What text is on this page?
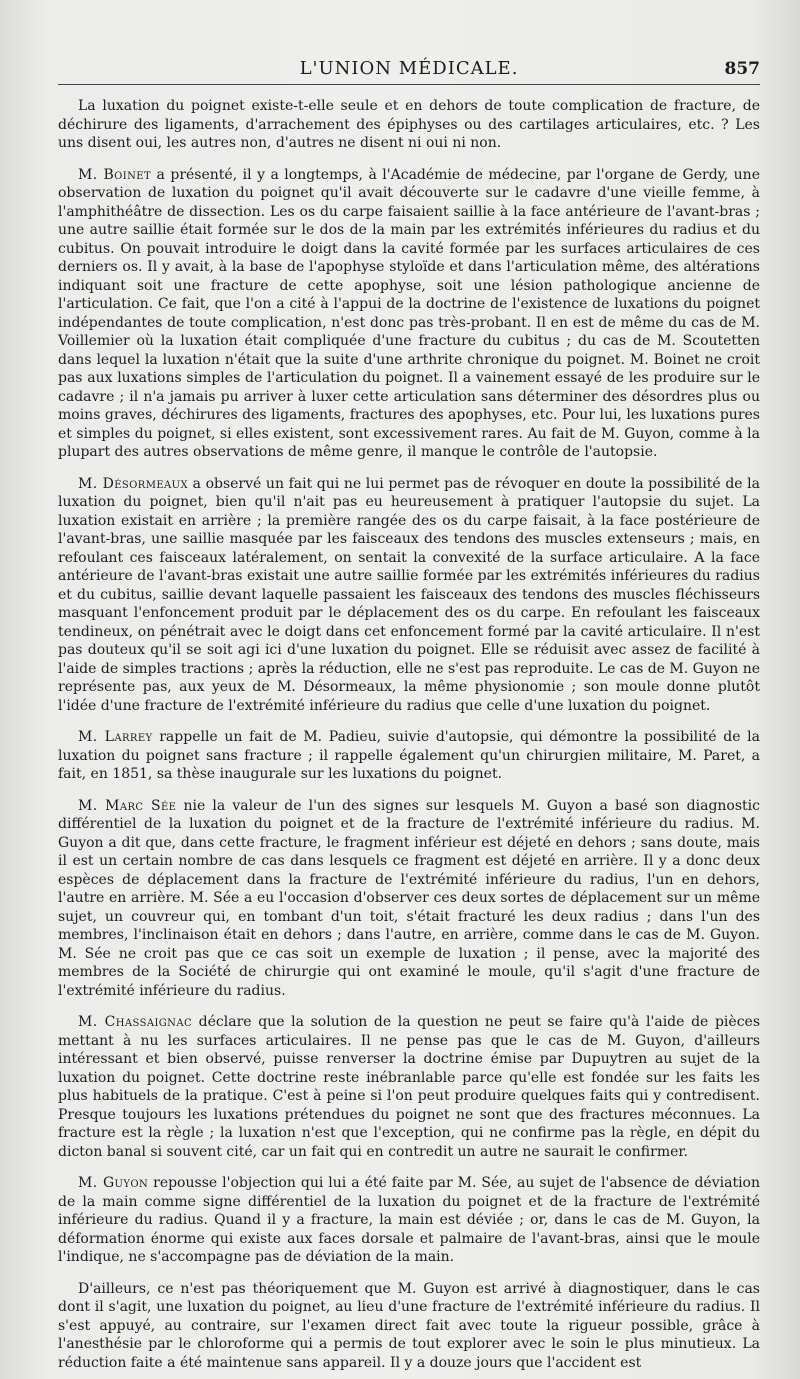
L'UNION MÉDICALE.	857

La luxation du poignet existe-t-elle seule et en dehors de toute complication de fracture, de déchirure des ligaments, d'arrachement des épiphyses ou des cartilages articulaires, etc. ? Les uns disent oui, les autres non, d'autres ne disent ni oui ni non.

M. Boinet a présenté, il y a longtemps, à l'Académie de médecine, par l'organe de Gerdy, une observation de luxation du poignet qu'il avait découverte sur le cadavre d'une vieille femme, à l'amphithéâtre de dissection. Les os du carpe faisaient saillie à la face antérieure de l'avant-bras ; une autre saillie était formée sur le dos de la main par les extrémités inférieures du radius et du cubitus. On pouvait introduire le doigt dans la cavité formée par les surfaces articulaires de ces derniers os. Il y avait, à la base de l'apophyse styloïde et dans l'articulation même, des altérations indiquant soit une fracture de cette apophyse, soit une lésion pathologique ancienne de l'articulation. Ce fait, que l'on a cité à l'appui de la doctrine de l'existence de luxations du poignet indépendantes de toute complication, n'est donc pas très-probant. Il en est de même du cas de M. Voillemier où la luxation était compliquée d'une fracture du cubitus ; du cas de M. Scoutetten dans lequel la luxation n'était que la suite d'une arthrite chronique du poignet. M. Boinet ne croit pas aux luxations simples de l'articulation du poignet. Il a vainement essayé de les produire sur le cadavre ; il n'a jamais pu arriver à luxer cette articulation sans déterminer des désordres plus ou moins graves, déchirures des ligaments, fractures des apophyses, etc. Pour lui, les luxations pures et simples du poignet, si elles existent, sont excessivement rares. Au fait de M. Guyon, comme à la plupart des autres observations de même genre, il manque le contrôle de l'autopsie.

M. Désormeaux a observé un fait qui ne lui permet pas de révoquer en doute la possibilité de la luxation du poignet, bien qu'il n'ait pas eu heureusement à pratiquer l'autopsie du sujet. La luxation existait en arrière ; la première rangée des os du carpe faisait, à la face postérieure de l'avant-bras, une saillie masquée par les faisceaux des tendons des muscles extenseurs ; mais, en refoulant ces faisceaux latéralement, on sentait la convexité de la surface articulaire. A la face antérieure de l'avant-bras existait une autre saillie formée par les extrémités inférieures du radius et du cubitus, saillie devant laquelle passaient les faisceaux des tendons des muscles fléchisseurs masquant l'enfoncement produit par le déplacement des os du carpe. En refoulant les faisceaux tendineux, on pénétrait avec le doigt dans cet enfoncement formé par la cavité articulaire. Il n'est pas douteux qu'il se soit agi ici d'une luxation du poignet. Elle se réduisit avec assez de facilité à l'aide de simples tractions ; après la réduction, elle ne s'est pas reproduite. Le cas de M. Guyon ne représente pas, aux yeux de M. Désormeaux, la même physionomie ; son moule donne plutôt l'idée d'une fracture de l'extrémité inférieure du radius que celle d'une luxation du poignet.

M. Larrey rappelle un fait de M. Padieu, suivie d'autopsie, qui démontre la possibilité de la luxation du poignet sans fracture ; il rappelle également qu'un chirurgien militaire, M. Paret, a fait, en 1851, sa thèse inaugurale sur les luxations du poignet.

M. Marc Sée nie la valeur de l'un des signes sur lesquels M. Guyon a basé son diagnostic différentiel de la luxation du poignet et de la fracture de l'extrémité inférieure du radius. M. Guyon a dit que, dans cette fracture, le fragment inférieur est déjeté en dehors ; sans doute, mais il est un certain nombre de cas dans lesquels ce fragment est déjeté en arrière. Il y a donc deux espèces de déplacement dans la fracture de l'extrémité inférieure du radius, l'un en dehors, l'autre en arrière. M. Sée a eu l'occasion d'observer ces deux sortes de déplacement sur un même sujet, un couvreur qui, en tombant d'un toit, s'était fracturé les deux radius ; dans l'un des membres, l'inclinaison était en dehors ; dans l'autre, en arrière, comme dans le cas de M. Guyon. M. Sée ne croit pas que ce cas soit un exemple de luxation ; il pense, avec la majorité des membres de la Société de chirurgie qui ont examiné le moule, qu'il s'agit d'une fracture de l'extrémité inférieure du radius.

M. Chassaignac déclare que la solution de la question ne peut se faire qu'à l'aide de pièces mettant à nu les surfaces articulaires. Il ne pense pas que le cas de M. Guyon, d'ailleurs intéressant et bien observé, puisse renverser la doctrine émise par Dupuytren au sujet de la luxation du poignet. Cette doctrine reste inébranlable parce qu'elle est fondée sur les faits les plus habituels de la pratique. C'est à peine si l'on peut produire quelques faits qui y contredisent. Presque toujours les luxations prétendues du poignet ne sont que des fractures méconnues. La fracture est la règle ; la luxation n'est que l'exception, qui ne confirme pas la règle, en dépit du dicton banal si souvent cité, car un fait qui en contredit un autre ne saurait le confirmer.

M. Guyon repousse l'objection qui lui a été faite par M. Sée, au sujet de l'absence de déviation de la main comme signe différentiel de la luxation du poignet et de la fracture de l'extrémité inférieure du radius. Quand il y a fracture, la main est déviée ; or, dans le cas de M. Guyon, la déformation énorme qui existe aux faces dorsale et palmaire de l'avant-bras, ainsi que le moule l'indique, ne s'accompagne pas de déviation de la main.

D'ailleurs, ce n'est pas théoriquement que M. Guyon est arrivé à diagnostiquer, dans le cas dont il s'agit, une luxation du poignet, au lieu d'une fracture de l'extrémité inférieure du radius. Il s'est appuyé, au contraire, sur l'examen direct fait avec toute la rigueur possible, grâce à l'anesthésie par le chloroforme qui a permis de tout explorer avec le soin le plus minutieux. La réduction faite a été maintenue sans appareil. Il y a douze jours que l'accident est
